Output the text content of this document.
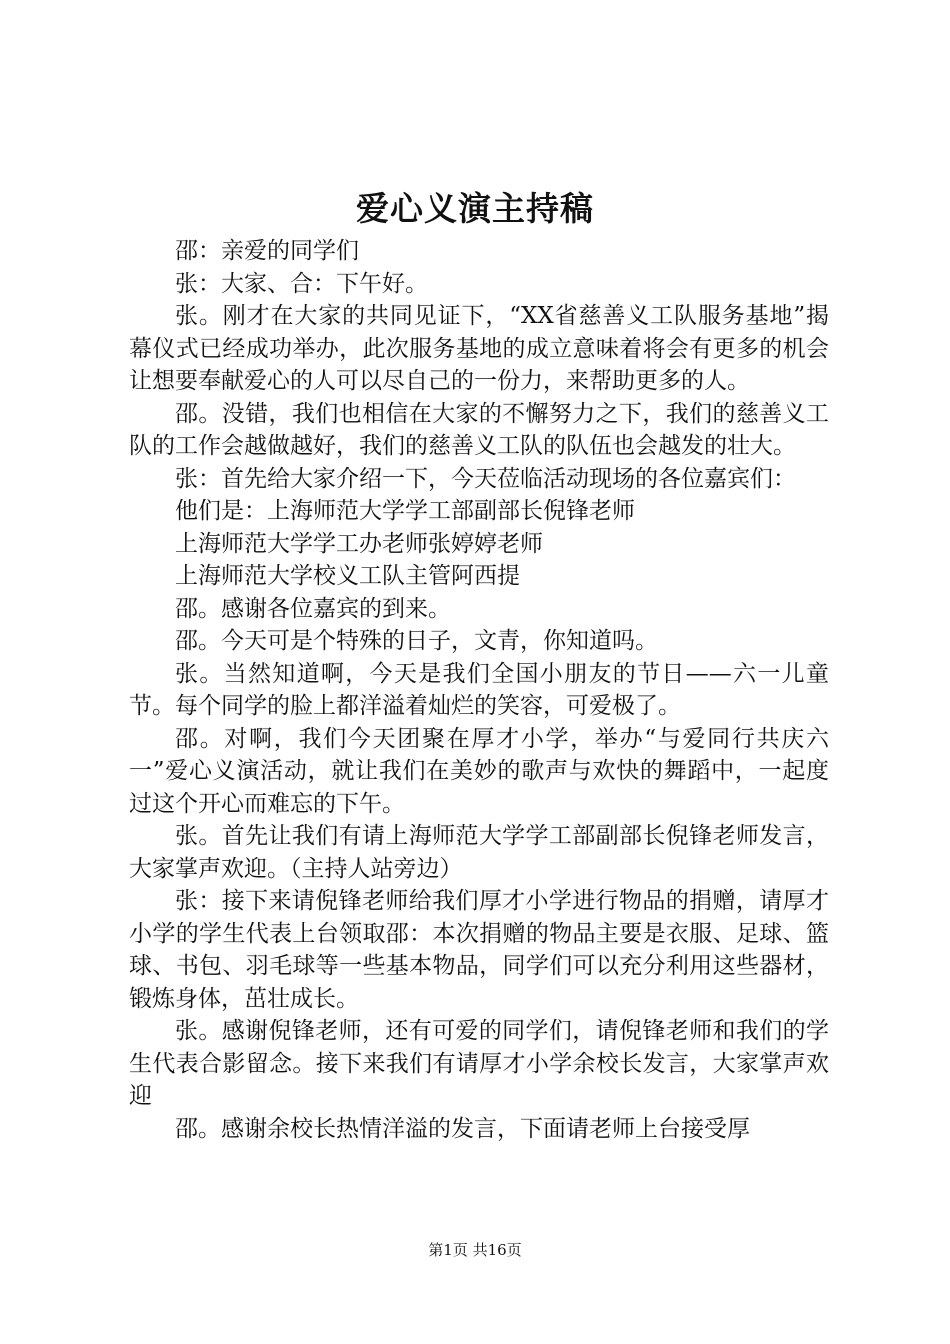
爱心义演主持稿

邵：亲爱的同学们

张：大家、合：下午好。

张。刚才在大家的共同见证下，“XX省慈善义工队服务基地”揭幕仪式已经成功举办，此次服务基地的成立意味着将会有更多的机会让想要奉献爱心的人可以尽自己的一份力，来帮助更多的人。

邵。没错，我们也相信在大家的不懈努力之下，我们的慈善义工队的工作会越做越好，我们的慈善义工队的队伍也会越发的壮大。

张：首先给大家介绍一下，今天莅临活动现场的各位嘉宾们：

他们是：上海师范大学学工部副部长倪锋老师

上海师范大学学工办老师张婷婷老师

上海师范大学校义工队主管阿西提

邵。感谢各位嘉宾的到来。

邵。今天可是个特殊的日子，文青，你知道吗。

张。当然知道啊，今天是我们全国小朋友的节日——六一儿童节。每个同学的脸上都洋溢着灿烂的笑容，可爱极了。

邵。对啊，我们今天团聚在厚才小学，举办“与爱同行共庆六一”爱心义演活动，就让我们在美妙的歌声与欢快的舞蹈中，一起度过这个开心而难忘的下午。

张。首先让我们有请上海师范大学学工部副部长倪锋老师发言，大家掌声欢迎。（主持人站旁边）

张：接下来请倪锋老师给我们厚才小学进行物品的捐赠，请厚才小学的学生代表上台领取邵：本次捐赠的物品主要是衣服、足球、篮球、书包、羽毛球等一些基本物品，同学们可以充分利用这些器材，锻炼身体，茁壮成长。

张。感谢倪锋老师，还有可爱的同学们，请倪锋老师和我们的学生代表合影留念。接下来我们有请厚才小学余校长发言，大家掌声欢迎

邵。感谢余校长热情洋溢的发言，下面请老师上台接受厚

第1页 共16页
